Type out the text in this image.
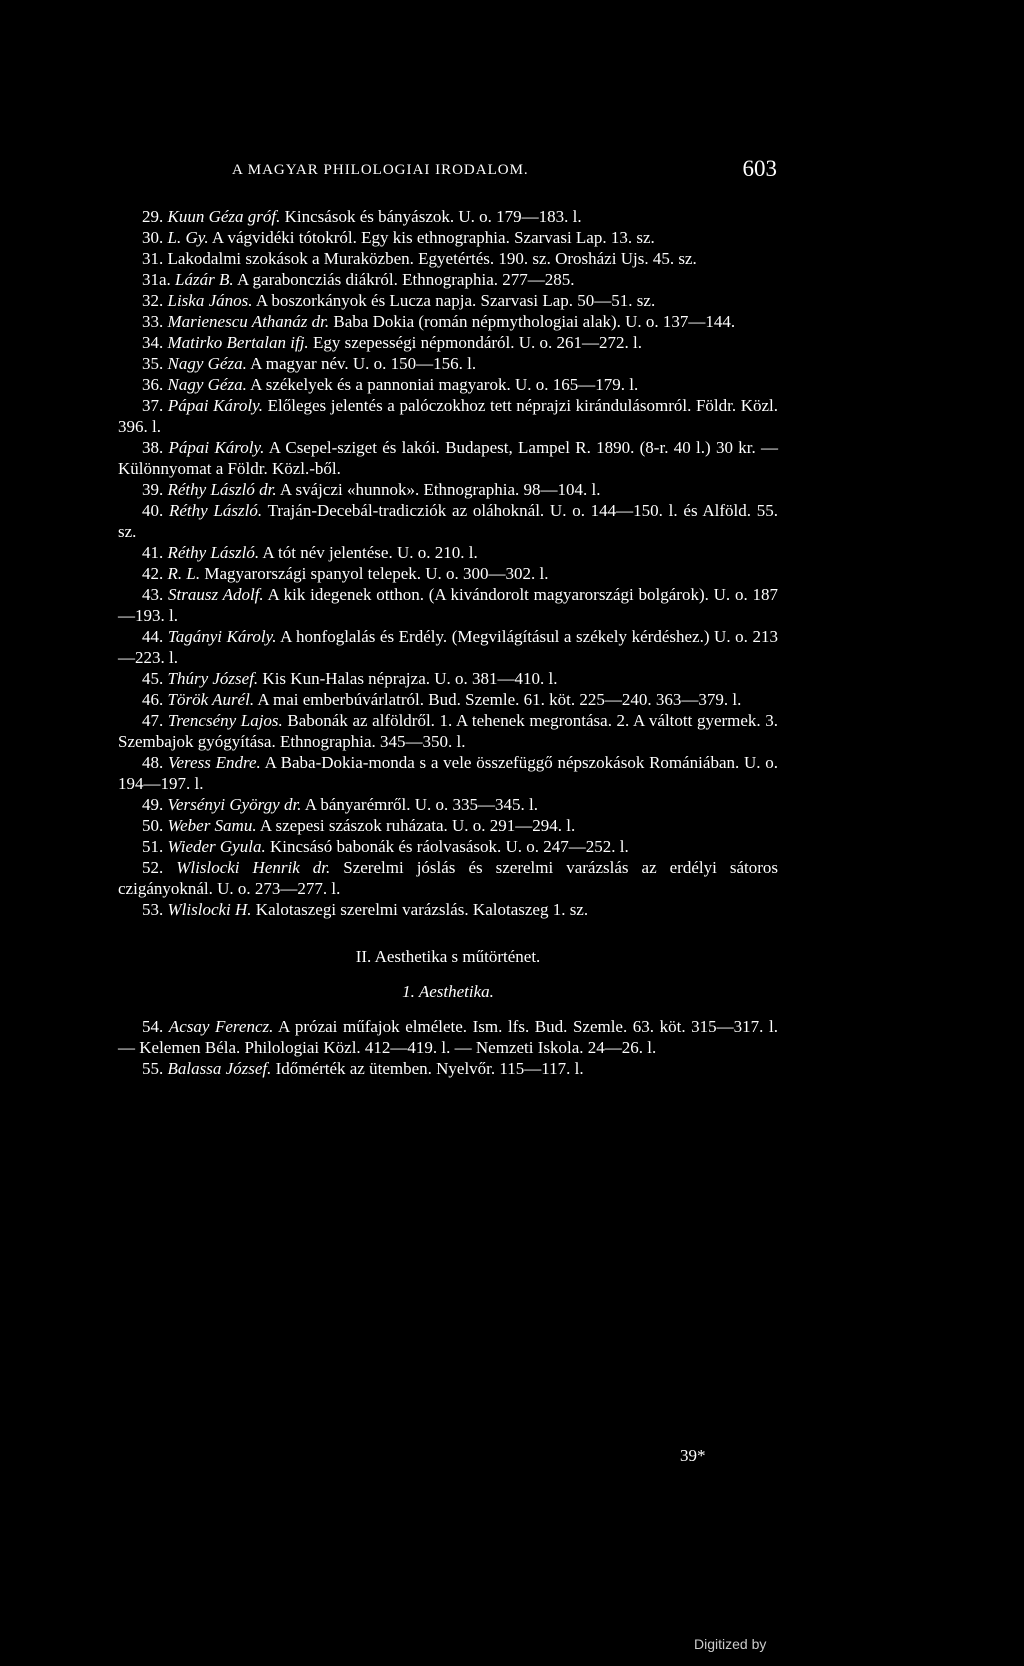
A MAGYAR PHILOLOGIAI IRODALOM.	603

29. Kuun Géza gróf. Kincsások és bányászok. U. o. 179—183. l.

30. L. Gy. A vágvidéki tótokról. Egy kis ethnographia. Szarvasi Lap. 13. sz.

31. Lakodalmi szokások a Muraközben. Egyetértés. 190. sz. Orosházi Ujs. 45. sz.

31a. Lázár B. A garaboncziás diákról. Ethnographia. 277—285.

32. Liska János. A boszorkányok és Lucza napja. Szarvasi Lap. 50—51. sz.

33. Marienescu Athanáz dr. Baba Dokia (román népmythologiai alak). U. o. 137—144.

34. Matirko Bertalan ifj. Egy szepességi népmondáról. U. o. 261—272. l.

35. Nagy Géza. A magyar név. U. o. 150—156. l.

36. Nagy Géza. A székelyek és a pannoniai magyarok. U. o. 165—179. l.

37. Pápai Károly. Előleges jelentés a palóczokhoz tett néprajzi kirándulásomról. Földr. Közl. 396. l.

38. Pápai Károly. A Csepel-sziget és lakói. Budapest, Lampel R. 1890. (8-r. 40 l.) 30 kr. — Különnyomat a Földr. Közl.-ből.

39. Réthy László dr. A svájczi «hunnok». Ethnographia. 98—104. l.

40. Réthy László. Traján-Decebál-tradicziók az oláhoknál. U. o. 144—150. l. és Alföld. 55. sz.

41. Réthy László. A tót név jelentése. U. o. 210. l.

42. R. L. Magyarországi spanyol telepek. U. o. 300—302. l.

43. Strausz Adolf. A kik idegenek otthon. (A kivándorolt magyarországi bolgárok). U. o. 187—193. l.

44. Tagányi Károly. A honfoglalás és Erdély. (Megvilágításul a székely kérdéshez.) U. o. 213—223. l.

45. Thúry József. Kis Kun-Halas néprajza. U. o. 381—410. l.

46. Török Aurél. A mai emberbúvárlatról. Bud. Szemle. 61. köt. 225—240. 363—379. l.

47. Trencsény Lajos. Babonák az alföldről. 1. A tehenek megrontása. 2. A váltott gyermek. 3. Szembajok gyógyítása. Ethnographia. 345—350. l.

48. Veress Endre. A Baba-Dokia-monda s a vele összefüggő népszokások Romániában. U. o. 194—197. l.

49. Versényi György dr. A bányarémről. U. o. 335—345. l.

50. Weber Samu. A szepesi szászok ruházata. U. o. 291—294. l.

51. Wieder Gyula. Kincsásó babonák és ráolvasások. U. o. 247—252. l.

52. Wlislocki Henrik dr. Szerelmi jóslás és szerelmi varázslás az erdélyi sátoros czigányoknál. U. o. 273—277. l.

53. Wlislocki H. Kalotaszegi szerelmi varázslás. Kalotaszeg 1. sz.

II. Aesthetika s műtörténet.
1. Aesthetika.

54. Acsay Ferencz. A prózai műfajok elmélete. Ism. lfs. Bud. Szemle. 63. köt. 315—317. l. — Kelemen Béla. Philologiai Közl. 412—419. l. — Nemzeti Iskola. 24—26. l.

55. Balassa József. Időmérték az ütemben. Nyelvőr. 115—117. l.

39*
Digitized by
